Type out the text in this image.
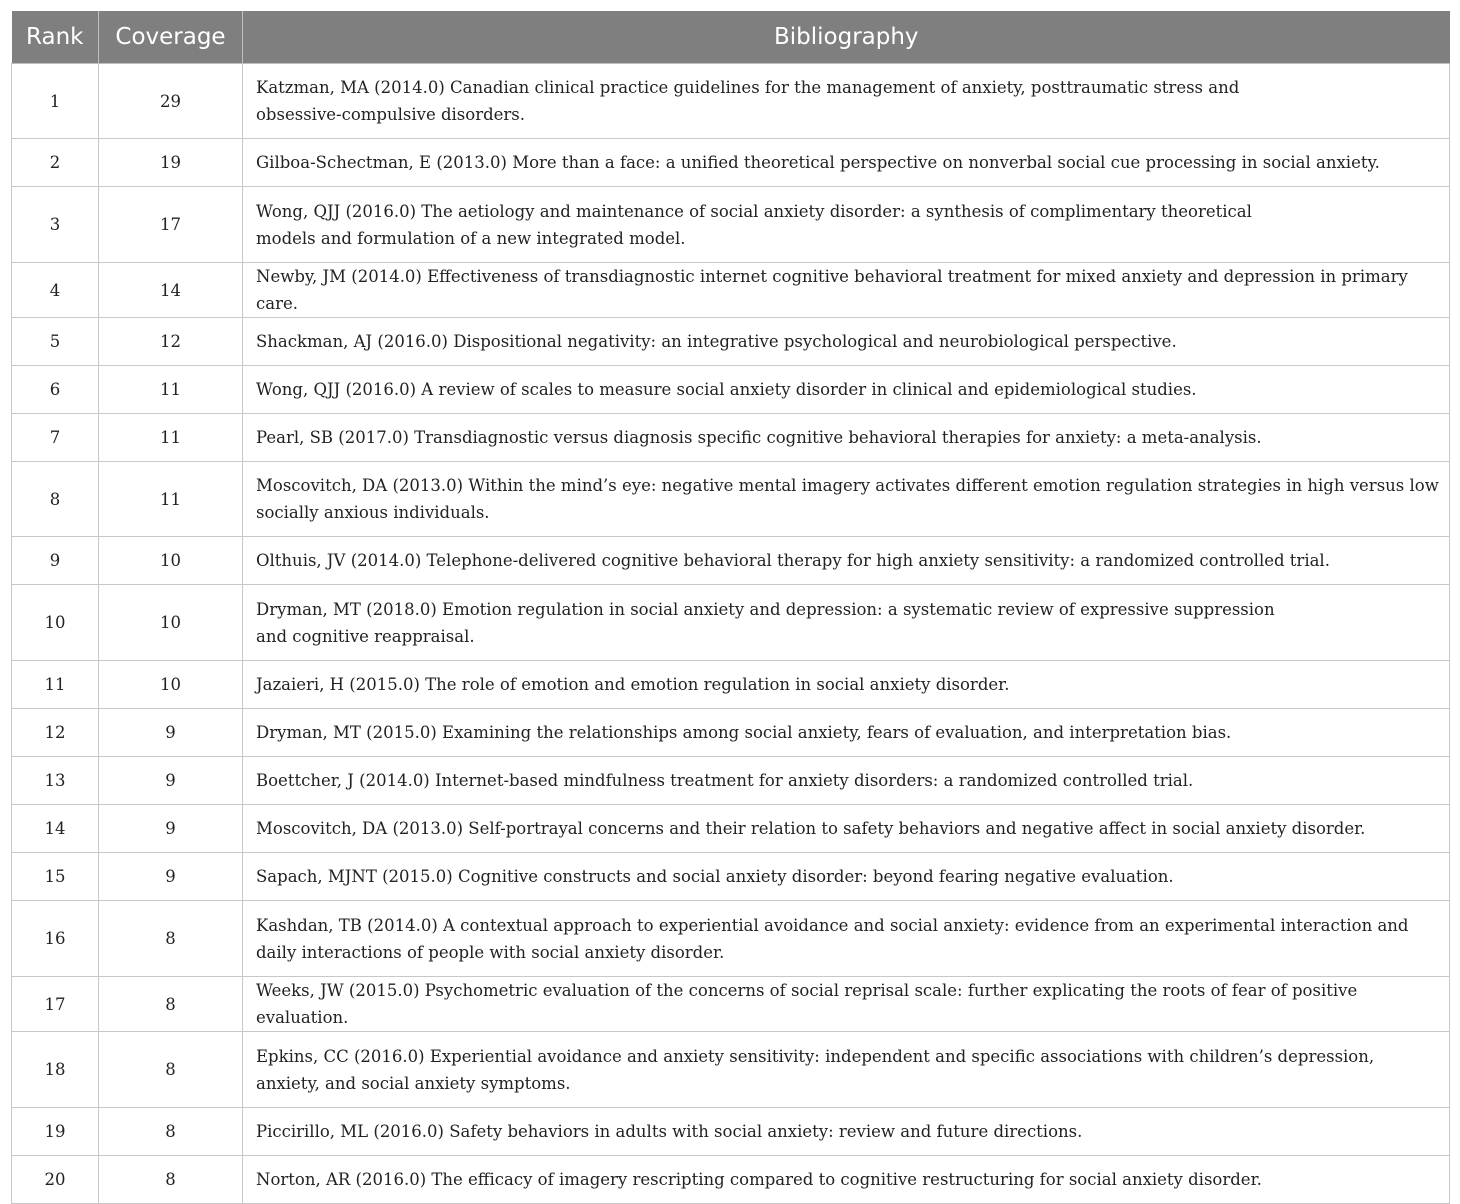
Rank	Coverage	Bibliography
1	29	Katzman, MA (2014.0) Canadian clinical practice guidelines for the management of anxiety, posttraumatic stress and obsessive-compulsive disorders.

2	19	Gilboa-Schectman, E (2013.0) More than a face: a unified theoretical perspective on nonverbal social cue processing in social anxiety.

3	17	Wong, QJJ (2016.0) The aetiology and maintenance of social anxiety disorder: a synthesis of complimentary theoretical models and formulation of a new integrated model.

4	14	Newby, JM (2014.0) Effectiveness of transdiagnostic internet cognitive behavioral treatment for mixed anxiety and depression in primary care.

5	12	Shackman, AJ (2016.0) Dispositional negativity: an integrative psychological and neurobiological perspective.

6	11	Wong, QJJ (2016.0) A review of scales to measure social anxiety disorder in clinical and epidemiological studies.

7	11	Pearl, SB (2017.0) Transdiagnostic versus diagnosis specific cognitive behavioral therapies for anxiety: a meta-analysis.

8	11	Moscovitch, DA (2013.0) Within the mind’s eye: negative mental imagery activates different emotion regulation strategies in high versus low socially anxious individuals.

9	10	Olthuis, JV (2014.0) Telephone-delivered cognitive behavioral therapy for high anxiety sensitivity: a randomized controlled trial.

10	10	Dryman, MT (2018.0) Emotion regulation in social anxiety and depression: a systematic review of expressive suppression and cognitive reappraisal.

11	10	Jazaieri, H (2015.0) The role of emotion and emotion regulation in social anxiety disorder.

12	9	Dryman, MT (2015.0) Examining the relationships among social anxiety, fears of evaluation, and interpretation bias.

13	9	Boettcher, J (2014.0) Internet-based mindfulness treatment for anxiety disorders: a randomized controlled trial.

14	9	Moscovitch, DA (2013.0) Self-portrayal concerns and their relation to safety behaviors and negative affect in social anxiety disorder.

15	9	Sapach, MJNT (2015.0) Cognitive constructs and social anxiety disorder: beyond fearing negative evaluation.

16	8	Kashdan, TB (2014.0) A contextual approach to experiential avoidance and social anxiety: evidence from an experimental interaction and daily interactions of people with social anxiety disorder.

17	8	Weeks, JW (2015.0) Psychometric evaluation of the concerns of social reprisal scale: further explicating the roots of fear of positive evaluation.

18	8	Epkins, CC (2016.0) Experiential avoidance and anxiety sensitivity: independent and specific associations with children’s depression, anxiety, and social anxiety symptoms.

19	8	Piccirillo, ML (2016.0) Safety behaviors in adults with social anxiety: review and future directions.

20	8	Norton, AR (2016.0) The efficacy of imagery rescripting compared to cognitive restructuring for social anxiety disorder.
